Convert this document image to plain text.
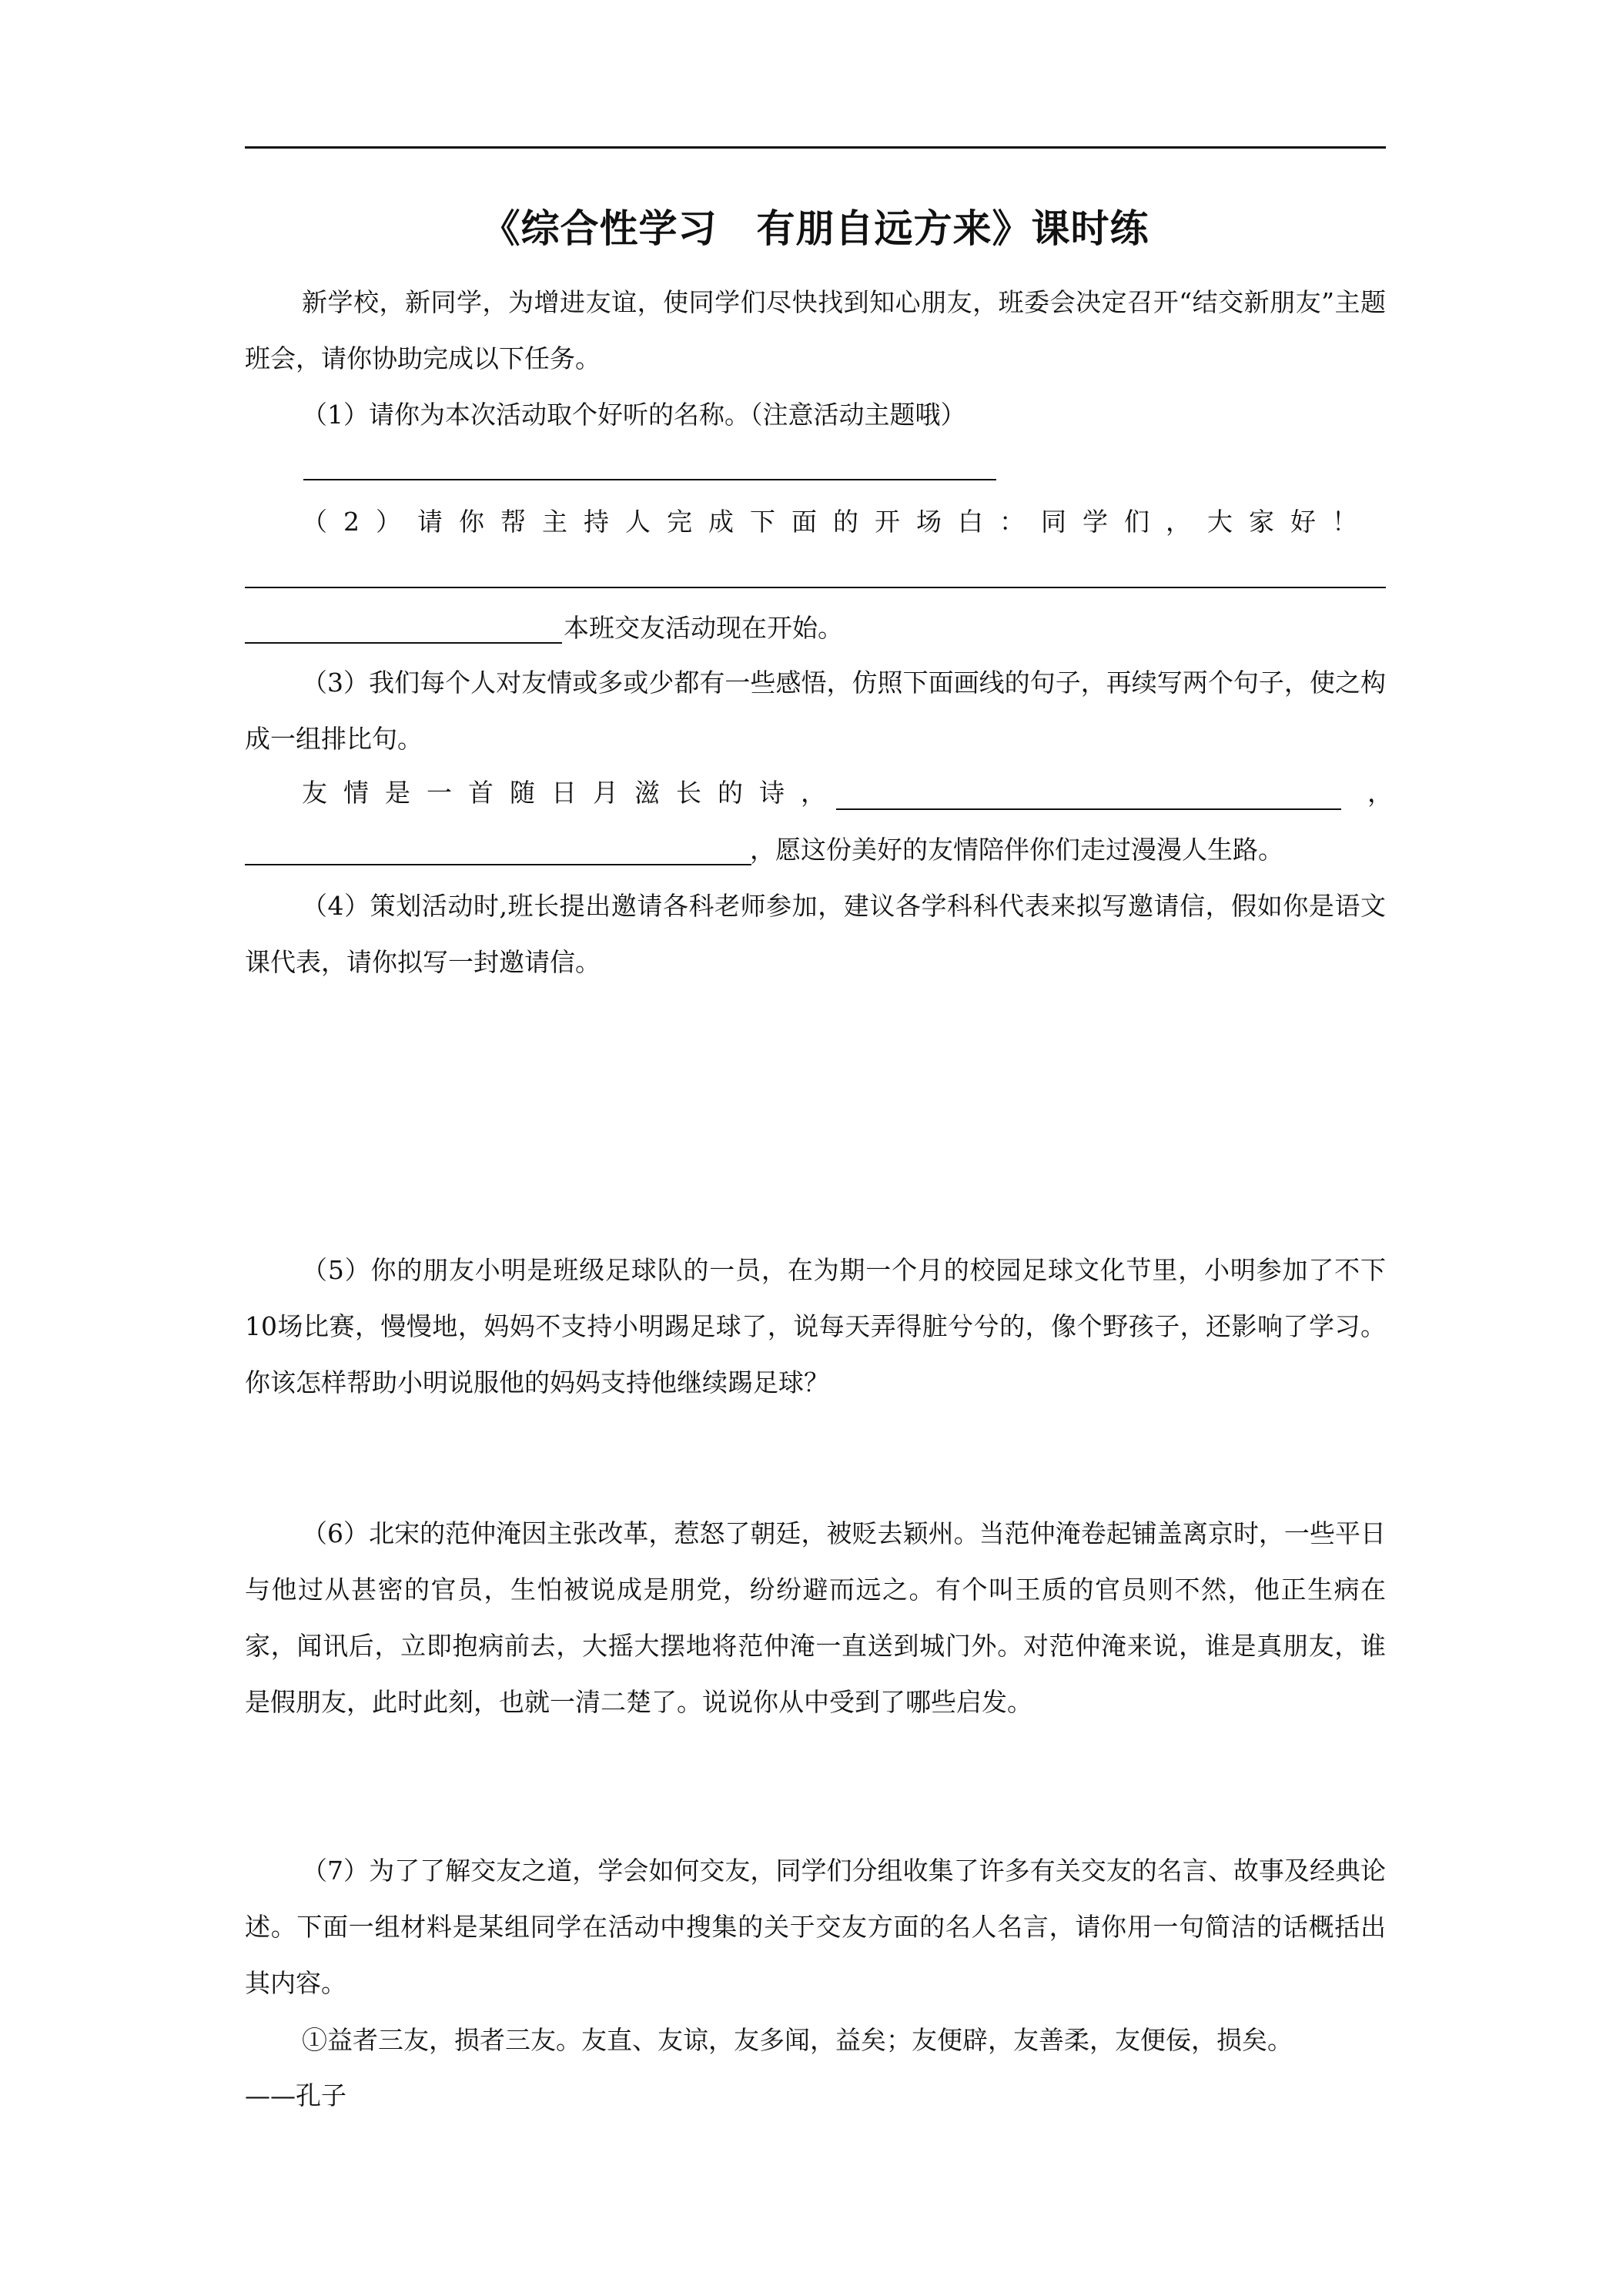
《综合性学习　有朋自远方来》课时练

新学校，新同学，为增进友谊，使同学们尽快找到知心朋友，班委会决定召开“结交新朋友”主题班会，请你协助完成以下任务。

（1）请你为本次活动取个好听的名称。（注意活动主题哦）

（2）请你帮主持人完成下面的开场白：同学们，大家好！
本班交友活动现在开始。

（3）我们每个人对友情或多或少都有一些感悟，仿照下面画线的句子，再续写两个句子，使之构成一组排比句。

友情是一首随日月滋长的诗，	，
，愿这份美好的友情陪伴你们走过漫漫人生路。

（4）策划活动时,班长提出邀请各科老师参加，建议各学科科代表来拟写邀请信，假如你是语文课代表，请你拟写一封邀请信。

（5）你的朋友小明是班级足球队的一员，在为期一个月的校园足球文化节里，小明参加了不下10场比赛，慢慢地，妈妈不支持小明踢足球了，说每天弄得脏兮兮的，像个野孩子，还影响了学习。你该怎样帮助小明说服他的妈妈支持他继续踢足球？

（6）北宋的范仲淹因主张改革，惹怒了朝廷，被贬去颖州。当范仲淹卷起铺盖离京时，一些平日与他过从甚密的官员，生怕被说成是朋党，纷纷避而远之。有个叫王质的官员则不然，他正生病在家，闻讯后，立即抱病前去，大摇大摆地将范仲淹一直送到城门外。对范仲淹来说，谁是真朋友，谁是假朋友，此时此刻，也就一清二楚了。说说你从中受到了哪些启发。

（7）为了了解交友之道，学会如何交友，同学们分组收集了许多有关交友的名言、故事及经典论述。下面一组材料是某组同学在活动中搜集的关于交友方面的名人名言，请你用一句简洁的话概括出其内容。

①益者三友，损者三友。友直、友谅，友多闻，益矣；友便辟，友善柔，友便佞，损矣。

——孔子
